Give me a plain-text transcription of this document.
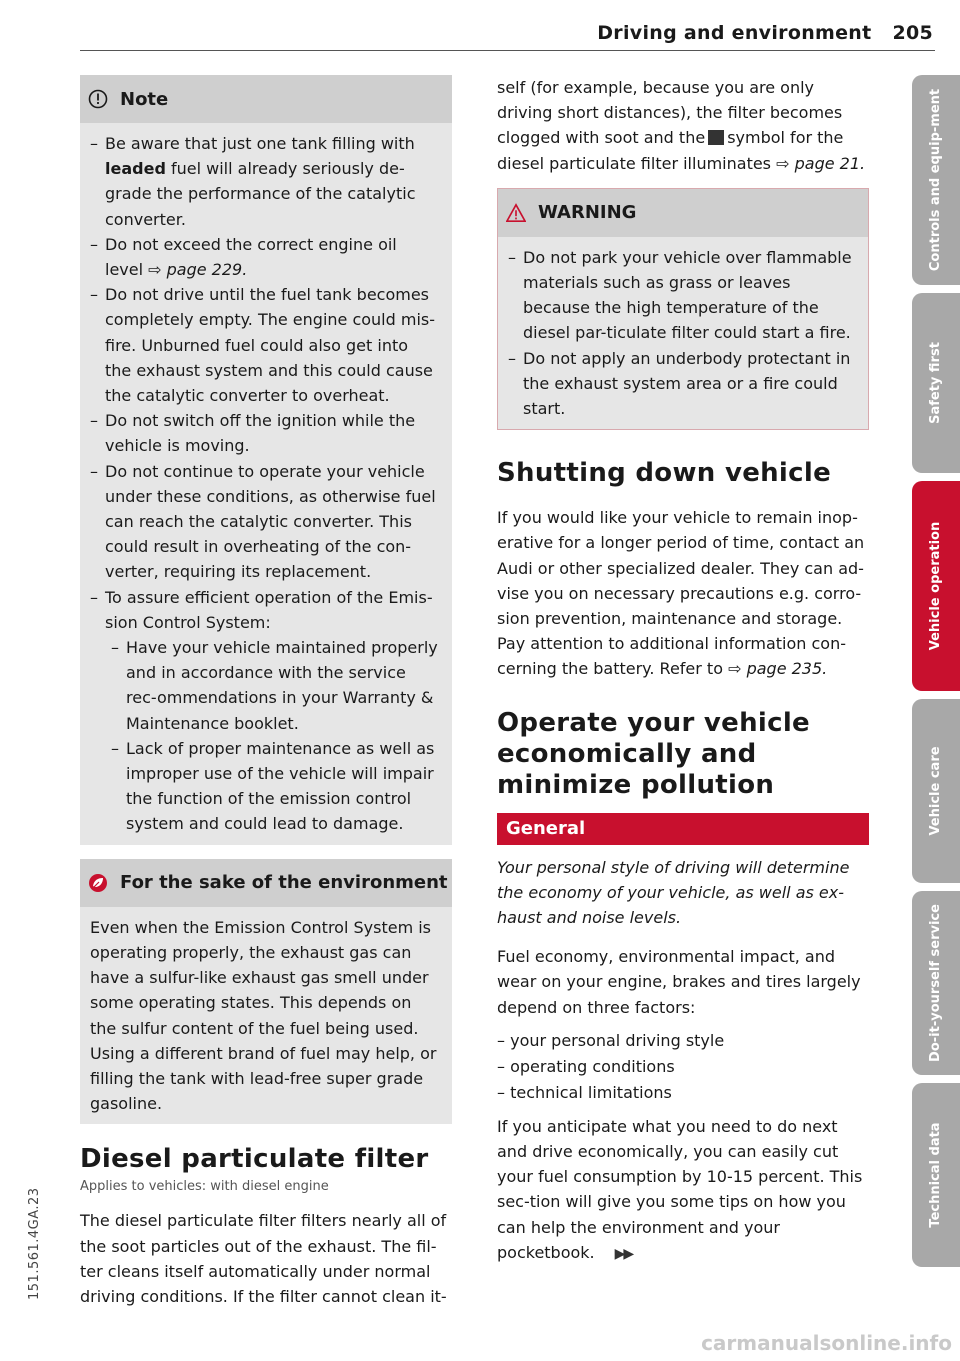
Driving and environment 205
151.561.4GA.23
Note
– Be aware that just one tank filling with leaded fuel will already seriously de-grade the performance of the catalytic converter.
– Do not exceed the correct engine oil level ⇨ page 229.
– Do not drive until the fuel tank becomes completely empty. The engine could mis-fire. Unburned fuel could also get into the exhaust system and this could cause the catalytic converter to overheat.
– Do not switch off the ignition while the vehicle is moving.
– Do not continue to operate your vehicle under these conditions, as otherwise fuel can reach the catalytic converter. This could result in overheating of the con-verter, requiring its replacement.
– To assure efficient operation of the Emis-sion Control System:
– Have your vehicle maintained properly and in accordance with the service rec-ommendations in your Warranty & Maintenance booklet.
– Lack of proper maintenance as well as improper use of the vehicle will impair the function of the emission control system and could lead to damage.
For the sake of the environment

Even when the Emission Control System is operating properly, the exhaust gas can have a sulfur-like exhaust gas smell under some operating states. This depends on the sulfur content of the fuel being used. Using a different brand of fuel may help, or filling the tank with lead-free super grade gasoline.

Diesel particulate filter
Applies to vehicles: with diesel engine

The diesel particulate filter filters nearly all of the soot particles out of the exhaust. The fil-ter cleans itself automatically under normal driving conditions. If the filter cannot clean it-

self (for example, because you are only driving short distances), the filter becomes clogged with soot and the symbol for the diesel particulate filter illuminates ⇨ page 21.

WARNING
– Do not park your vehicle over flammable materials such as grass or leaves because the high temperature of the diesel par-ticulate filter could start a fire.
– Do not apply an underbody protectant in the exhaust system area or a fire could start.
Shutting down vehicle

If you would like your vehicle to remain inop-erative for a longer period of time, contact an Audi or other specialized dealer. They can ad-vise you on necessary precautions e.g. corro-sion prevention, maintenance and storage. Pay attention to additional information con-cerning the battery. Refer to ⇨ page 235.

Operate your vehicle economically and minimize pollution
General

Your personal style of driving will determine the economy of your vehicle, as well as ex-haust and noise levels.

Fuel economy, environmental impact, and wear on your engine, brakes and tires largely depend on three factors:

– your personal driving style
– operating conditions
– technical limitations

If you anticipate what you need to do next and drive economically, you can easily cut your fuel consumption by 10-15 percent. This sec-tion will give you some tips on how you can help the environment and your pocketbook. ▶▶

Controls and equip-ment
Safety first
Vehicle operation
Vehicle care
Do-it-yourself service
Technical data
carmanualsonline.info
